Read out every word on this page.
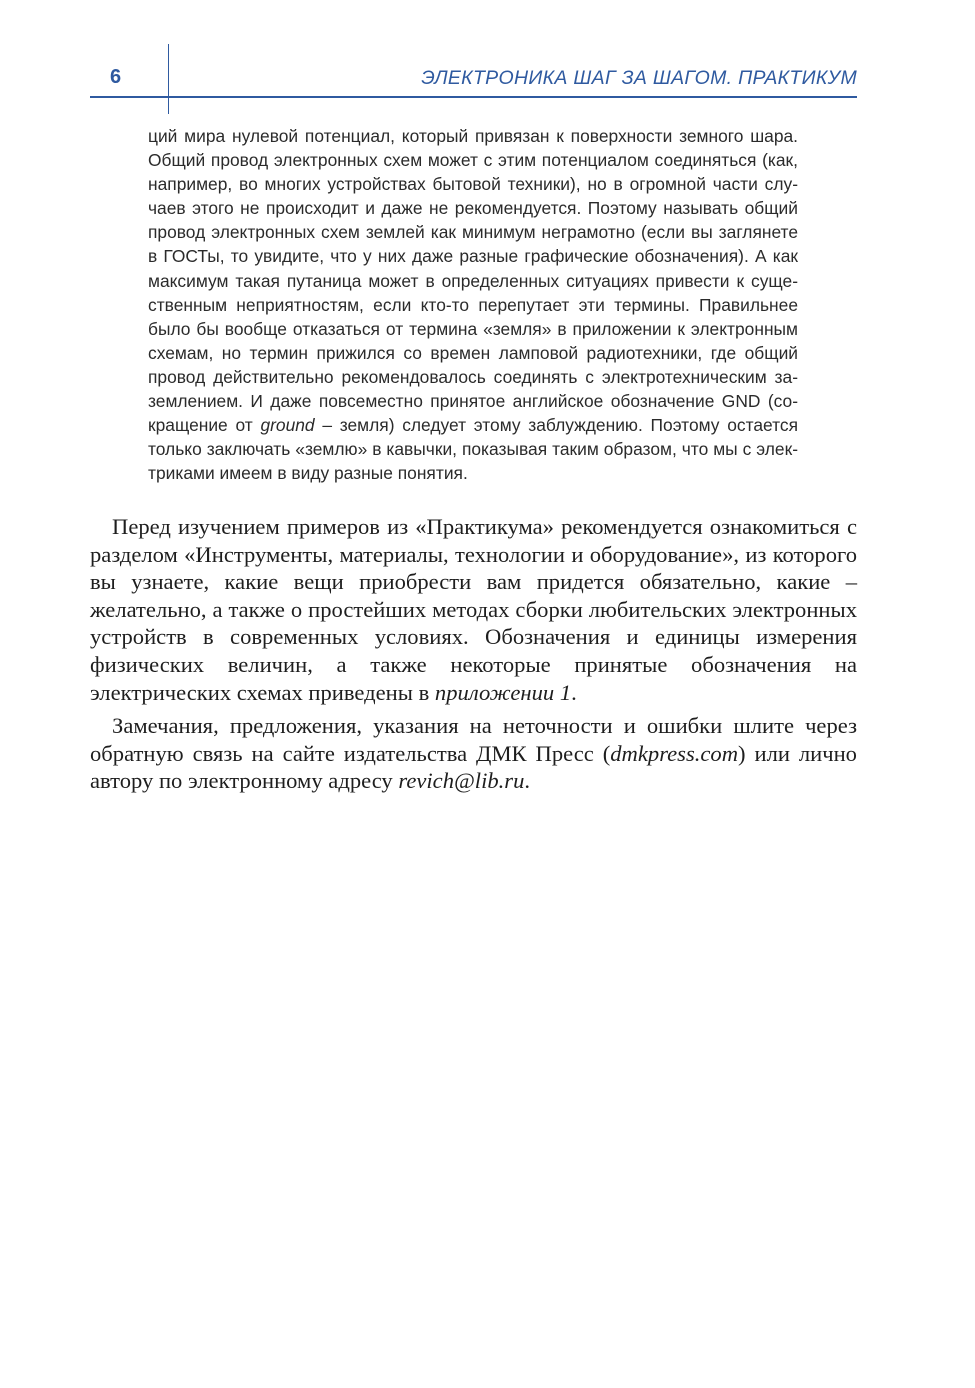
6	ЭЛЕКТРОНИКА ШАГ ЗА ШАГОМ. ПРАКТИКУМ
ций мира нулевой потенциал, который привязан к поверхности земного шара. Общий провод электронных схем может с этим потенциалом соединяться (как, например, во многих устройствах бытовой техники), но в огромной части случаев этого не происходит и даже не рекомендуется. Поэтому называть общий провод электронных схем землей как минимум неграмотно (если вы заглянете в ГОСТы, то увидите, что у них даже разные графические обозначения). А как максимум такая путаница может в определенных ситуациях привести к существенным неприятностям, если кто-то перепутает эти термины. Правильнее было бы вообще отказаться от термина «земля» в приложении к электронным схемам, но термин прижился со времен ламповой радиотехники, где общий провод действительно рекомендовалось соединять с электротехническим заземлением. И даже повсеместно принятое английское обозначение GND (сокращение от ground – земля) следует этому заблуждению. Поэтому остается только заключать «землю» в кавычки, показывая таким образом, что мы с электриками имеем в виду разные понятия.

Перед изучением примеров из «Практикума» рекомендуется ознакомиться с разделом «Инструменты, материалы, технологии и оборудование», из которого вы узнаете, какие вещи приобрести вам придется обязательно, какие – желательно, а также о простейших методах сборки любительских электронных устройств в современных условиях. Обозначения и единицы измерения физических величин, а также некоторые принятые обозначения на электрических схемах приведены в приложении 1.

Замечания, предложения, указания на неточности и ошибки шлите через обратную связь на сайте издательства ДМК Пресс (dmkpress.com) или лично автору по электронному адресу revich@lib.ru.
